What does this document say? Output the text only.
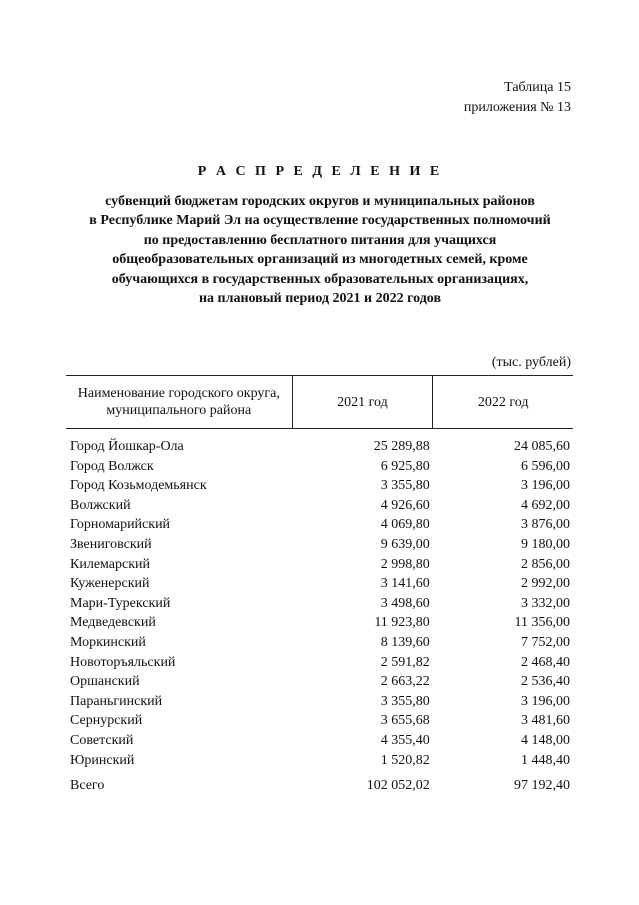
Таблица 15
приложения № 13
Р А С П Р Е Д Е Л Е Н И Е
субвенций бюджетам городских округов и муниципальных районов
в Республике Марий Эл на осуществление государственных полномочий
по предоставлению бесплатного питания для учащихся
общеобразовательных организаций из многодетных семей, кроме
обучающихся в государственных образовательных организациях,
на плановый период 2021 и 2022 годов
(тыс. рублей)
Наименование городского округа,
муниципального района	2021 год	2022 год
Город Йошкар-Ола	25 289,88	24 085,60
Город Волжск	6 925,80	6 596,00
Город Козьмодемьянск	3 355,80	3 196,00
Волжский	4 926,60	4 692,00
Горномарийский	4 069,80	3 876,00
Звениговский	9 639,00	9 180,00
Килемарский	2 998,80	2 856,00
Куженерский	3 141,60	2 992,00
Мари-Турекский	3 498,60	3 332,00
Медведевский	11 923,80	11 356,00
Моркинский	8 139,60	7 752,00
Новоторъяльский	2 591,82	2 468,40
Оршанский	2 663,22	2 536,40
Параньгинский	3 355,80	3 196,00
Сернурский	3 655,68	3 481,60
Советский	4 355,40	4 148,00
Юринский	1 520,82	1 448,40
Всего	102 052,02	97 192,40
